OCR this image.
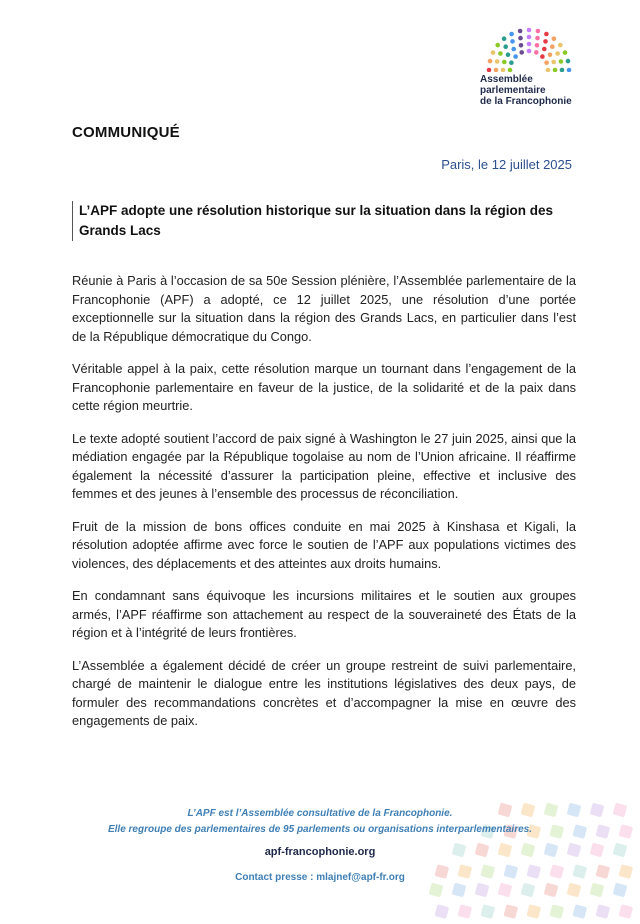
Assemblée
parlementaire
de la Francophonie
COMMUNIQUÉ
Paris, le 12 juillet 2025
L’APF adopte une résolution historique sur la situation dans la région des Grands Lacs

Réunie à Paris à l’occasion de sa 50e Session plénière, l’Assemblée parlementaire de la Francophonie (APF) a adopté, ce 12 juillet 2025, une résolution d’une portée exceptionnelle sur la situation dans la région des Grands Lacs, en particulier dans l’est de la République démocratique du Congo.

Véritable appel à la paix, cette résolution marque un tournant dans l’engagement de la Francophonie parlementaire en faveur de la justice, de la solidarité et de la paix dans cette région meurtrie.

Le texte adopté soutient l’accord de paix signé à Washington le 27 juin 2025, ainsi que la médiation engagée par la République togolaise au nom de l’Union africaine. Il réaffirme également la nécessité d’assurer la participation pleine, effective et inclusive des femmes et des jeunes à l’ensemble des processus de réconciliation.

Fruit de la mission de bons offices conduite en mai 2025 à Kinshasa et Kigali, la résolution adoptée affirme avec force le soutien de l’APF aux populations victimes des violences, des déplacements et des atteintes aux droits humains.

En condamnant sans équivoque les incursions militaires et le soutien aux groupes armés, l’APF réaffirme son attachement au respect de la souveraineté des États de la région et à l’intégrité de leurs frontières.

L’Assemblée a également décidé de créer un groupe restreint de suivi parlementaire, chargé de maintenir le dialogue entre les institutions législatives des deux pays, de formuler des recommandations concrètes et d’accompagner la mise en œuvre des engagements de paix.

L’APF est l’Assemblée consultative de la Francophonie.
Elle regroupe des parlementaires de 95 parlements ou organisations interparlementaires.
apf-francophonie.org
Contact presse : mlajnef@apf-fr.org
